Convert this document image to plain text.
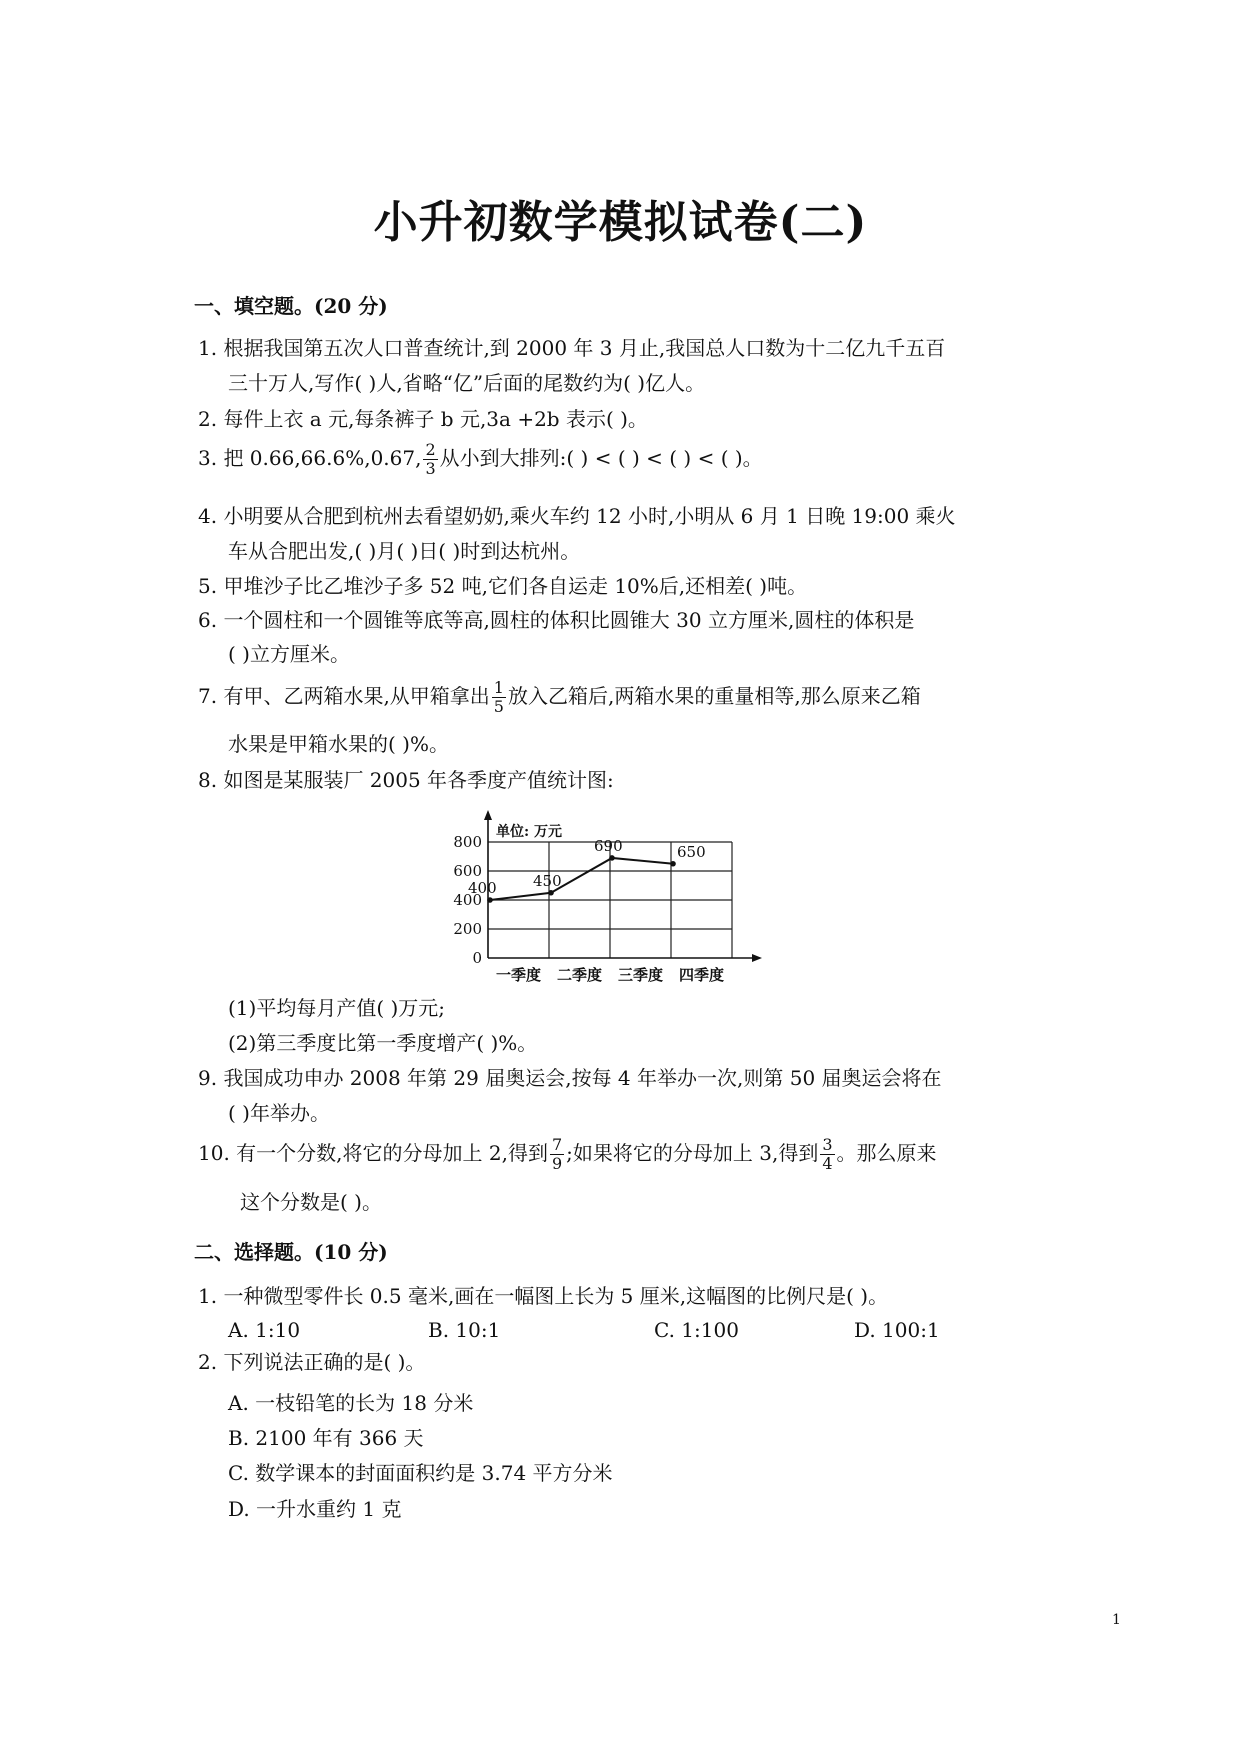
小升初数学模拟试卷(二)
一、填空题。(20 分)
1. 根据我国第五次人口普查统计,到 2000 年 3 月止,我国总人口数为十二亿九千五百
三十万人,写作( )人,省略“亿”后面的尾数约为( )亿人。
2. 每件上衣 a 元,每条裤子 b 元,3a +2b 表示( )。
3. 把 0.66,66.6%,0.67, $\frac{2}{3}$ 从小到大排列:( ) < ( ) < ( ) < ( )。
4. 小明要从合肥到杭州去看望奶奶,乘火车约 12 小时,小明从 6 月 1 日晚 19:00 乘火
车从合肥出发,( )月( )日( )时到达杭州。
5. 甲堆沙子比乙堆沙子多 52 吨,它们各自运走 10%后,还相差( )吨。
6. 一个圆柱和一个圆锥等底等高,圆柱的体积比圆锥大 30 立方厘米,圆柱的体积是
( )立方厘米。
7. 有甲、乙两箱水果,从甲箱拿出 $\frac{1}{5}$ 放入乙箱后,两箱水果的重量相等,那么原来乙箱
水果是甲箱水果的( )%。
8. 如图是某服装厂 2005 年各季度产值统计图:
0
200
400
600
800
单位: 万元
400 450
690	650
一季度 二季度 三季度 四季度
(1)平均每月产值( )万元;
(2)第三季度比第一季度增产( )%。
9. 我国成功申办 2008 年第 29 届奥运会,按每 4 年举办一次,则第 50 届奥运会将在
( )年举办。
10. 有一个分数,将它的分母加上 2,得到 $\frac{7}{9}$ ;如果将它的分母加上 3,得到 $\frac{3}{4}$ 。那么原来
这个分数是( )。
二、选择题。(10 分)
1. 一种微型零件长 0.5 毫米,画在一幅图上长为 5 厘米,这幅图的比例尺是( )。
A. 1:10	B. 10:1	C. 1:100	D. 100:1
2. 下列说法正确的是( )。
A. 一枝铅笔的长为 18 分米
B. 2100 年有 366 天
C. 数学课本的封面面积约是 3.74 平方分米
D. 一升水重约 1 克
1
